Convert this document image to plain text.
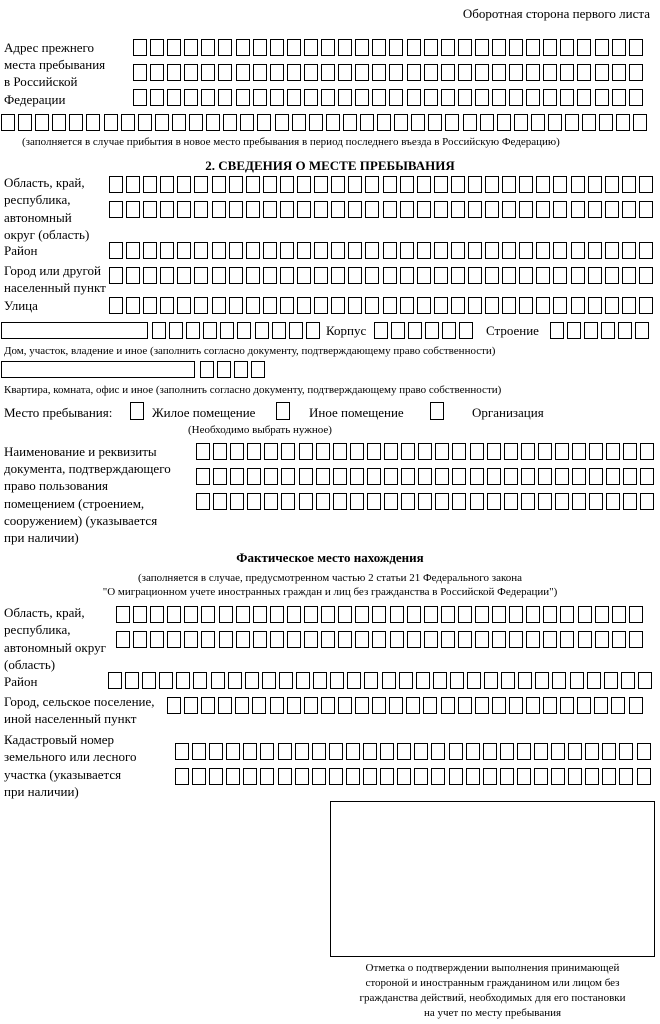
Оборотная сторона первого листа
Адрес прежнего
места пребывания
в Российской
Федерации
(заполняется в случае прибытия в новое место пребывания в период последнего въезда в Российскую Федерацию)
2. СВЕДЕНИЯ О МЕСТЕ ПРЕБЫВАНИЯ
Область, край,
республика,
автономный
округ (область)
Район
Город или другой
населенный пункт
Улица
Корпус	Строение
Дом, участок, владение и иное (заполнить согласно документу, подтверждающему право собственности)
Квартира, комната, офис и иное (заполнить согласно документу, подтверждающему право собственности)
Место пребывания:	Жилое помещение	Иное помещение	Организация
(Необходимо выбрать нужное)
Наименование и реквизиты
документа, подтверждающего
право пользования
помещением (строением,
сооружением) (указывается
при наличии)
Фактическое место нахождения
(заполняется в случае, предусмотренном частью 2 статьи 21 Федерального закона
"О миграционном учете иностранных граждан и лиц без гражданства в Российской Федерации")
Область, край,
республика,
автономный округ
(область)
Район
Город, сельское поселение,
иной населенный пункт
Кадастровый номер
земельного или лесного
участка (указывается
при наличии)
Отметка о подтверждении выполнения принимающей
стороной и иностранным гражданином или лицом без
гражданства действий, необходимых для его постановки
на учет по месту пребывания
